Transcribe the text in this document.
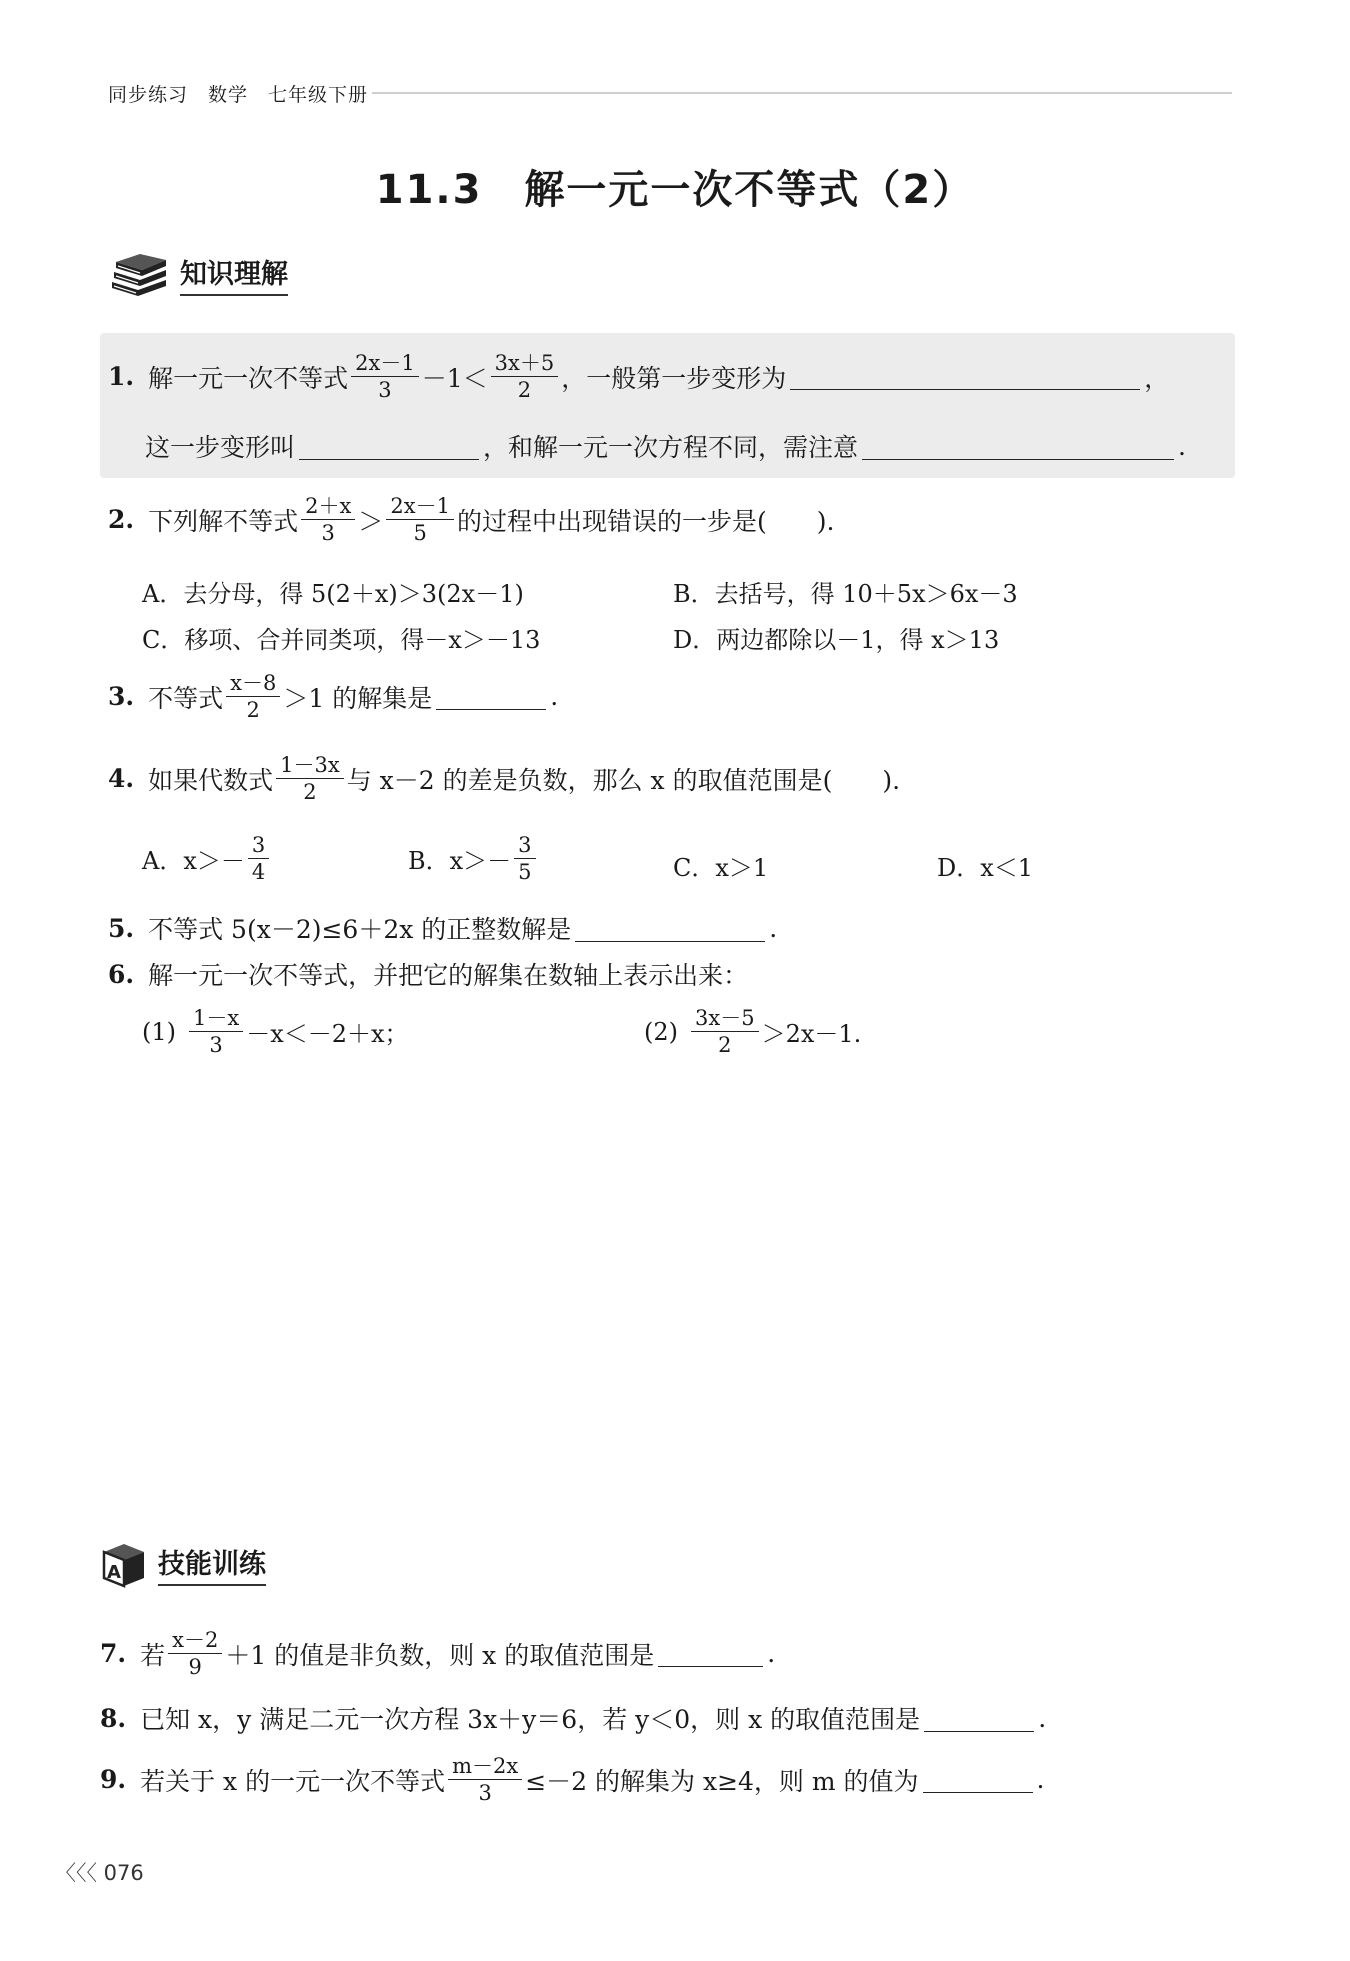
同步练习　数学　七年级下册
11.3　解一元一次不等式（2）
知识理解
1. 解一元一次不等式 $\frac{2x-1}{3} -1< \frac{3x+5}{2}$ ，一般第一步变形为	，
这一步变形叫	，和解一元一次方程不同，需注意	.
2. 下列解不等式 $\frac{2+x}{3} > \frac{2x-1}{5}$ 的过程中出现错误的一步是(　　).
A．去分母，得 5(2＋x)＞3(2x－1)	B．去括号，得 10＋5x＞6x－3
C．移项、合并同类项，得－x＞－13	D．两边都除以－1，得 x＞13
3. 不等式 $\frac{x-8}{2} >1$ 的解集是	.
4. 如果代数式 $\frac{1-3x}{2}$ 与 x－2 的差是负数，那么 x 的取值范围是(　　).
A．$x>- \frac{3}{4}$	B．$x>- \frac{3}{5}$	C．x＞1	D．x＜1
5. 不等式 5(x－2)≤6＋2x 的正整数解是	.
6. 解一元一次不等式，并把它的解集在数轴上表示出来：
$(1) \frac{1-x}{3} -x<-2+x$；	$(2) \frac{3x-5}{2} >2x-1$.
A 技能训练
7. 若 $\frac{x-2}{9} +1$ 的值是非负数，则 x 的取值范围是	.
8. 已知 x，y 满足二元一次方程 3x＋y＝6，若 y＜0，则 x 的取值范围是	.
9. 若关于 x 的一元一次不等式 $\frac{m-2x}{3} \le-2$ 的解集为 x≥4，则 m 的值为	.
〈〈〈 076
